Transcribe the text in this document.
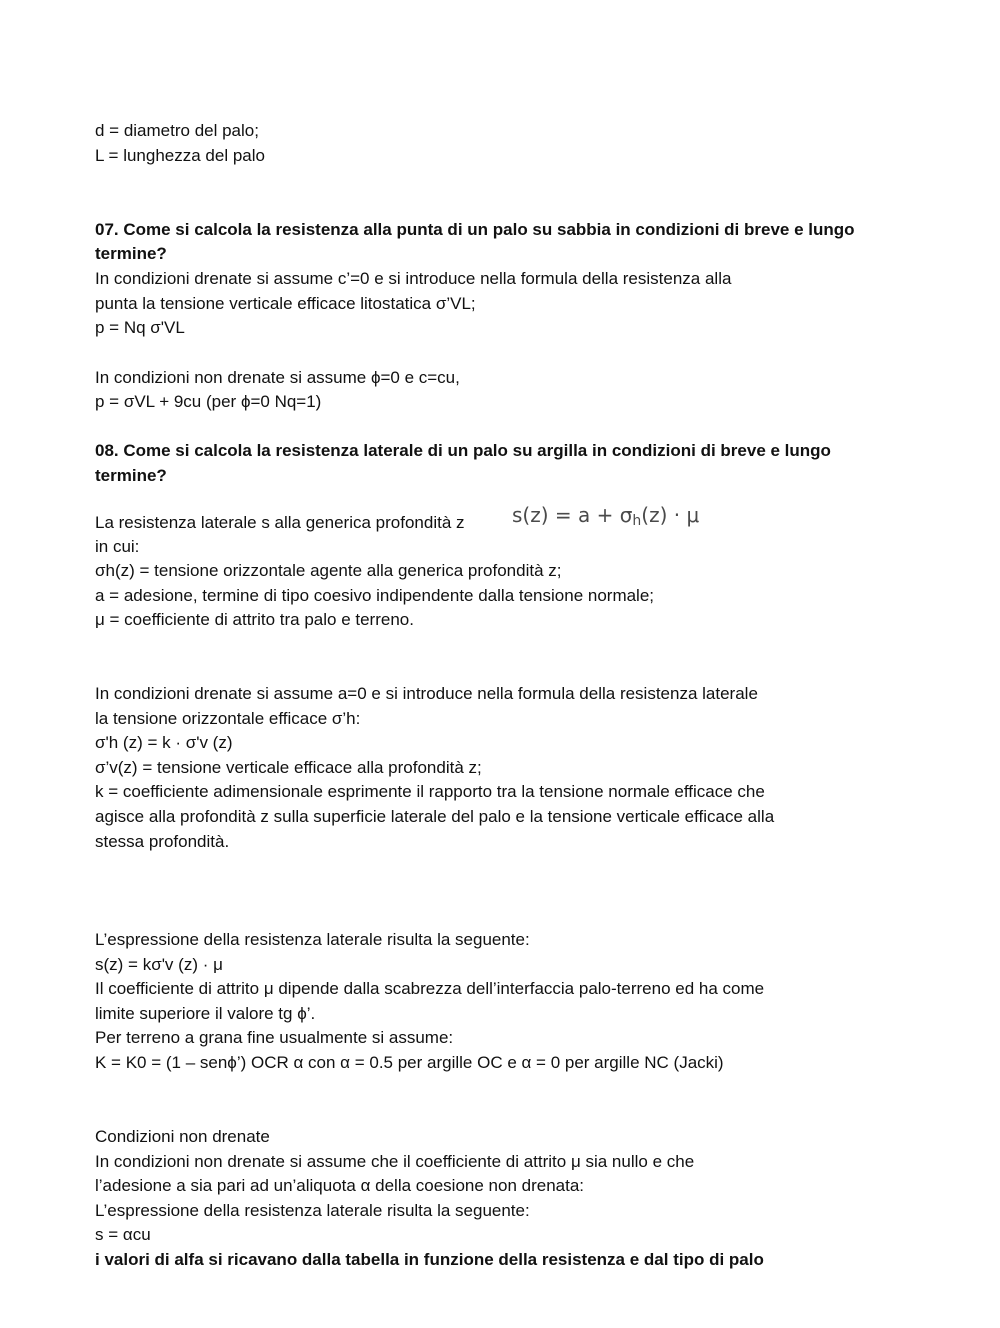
d = diametro del palo;
L = lunghezza del palo
07. Come si calcola la resistenza alla punta di un palo su sabbia in condizioni di breve e lungo
termine?
In condizioni drenate si assume c’=0 e si introduce nella formula della resistenza alla
punta la tensione verticale efficace litostatica σ’VL;
p = Nq σ'VL
In condizioni non drenate si assume ϕ=0 e c=cu,
p = σVL + 9cu (per ϕ=0 Nq=1)
08. Come si calcola la resistenza laterale di un palo su argilla in condizioni di breve e lungo
termine?
La resistenza laterale s alla generica profondità z $s(z) = a + \sigma_h(z) \cdot \mu$
in cui:
σh(z) = tensione orizzontale agente alla generica profondità z;
a = adesione, termine di tipo coesivo indipendente dalla tensione normale;
μ = coefficiente di attrito tra palo e terreno.
In condizioni drenate si assume a=0 e si introduce nella formula della resistenza laterale
la tensione orizzontale efficace σ’h:
σ'h (z) = k · σ'v (z)
σ’v(z) = tensione verticale efficace alla profondità z;
k = coefficiente adimensionale esprimente il rapporto tra la tensione normale efficace che
agisce alla profondità z sulla superficie laterale del palo e la tensione verticale efficace alla
stessa profondità.
L’espressione della resistenza laterale risulta la seguente:
s(z) = kσ'v (z) · μ
Il coefficiente di attrito μ dipende dalla scabrezza dell’interfaccia palo-terreno ed ha come
limite superiore il valore tg ϕ’.
Per terreno a grana fine usualmente si assume:
K = K0 = (1 – senϕ’) OCR α con α = 0.5 per argille OC e α = 0 per argille NC (Jacki)
Condizioni non drenate
In condizioni non drenate si assume che il coefficiente di attrito μ sia nullo e che
l’adesione a sia pari ad un’aliquota α della coesione non drenata:
L’espressione della resistenza laterale risulta la seguente:
s = αcu
i valori di alfa si ricavano dalla tabella in funzione della resistenza e dal tipo di palo
